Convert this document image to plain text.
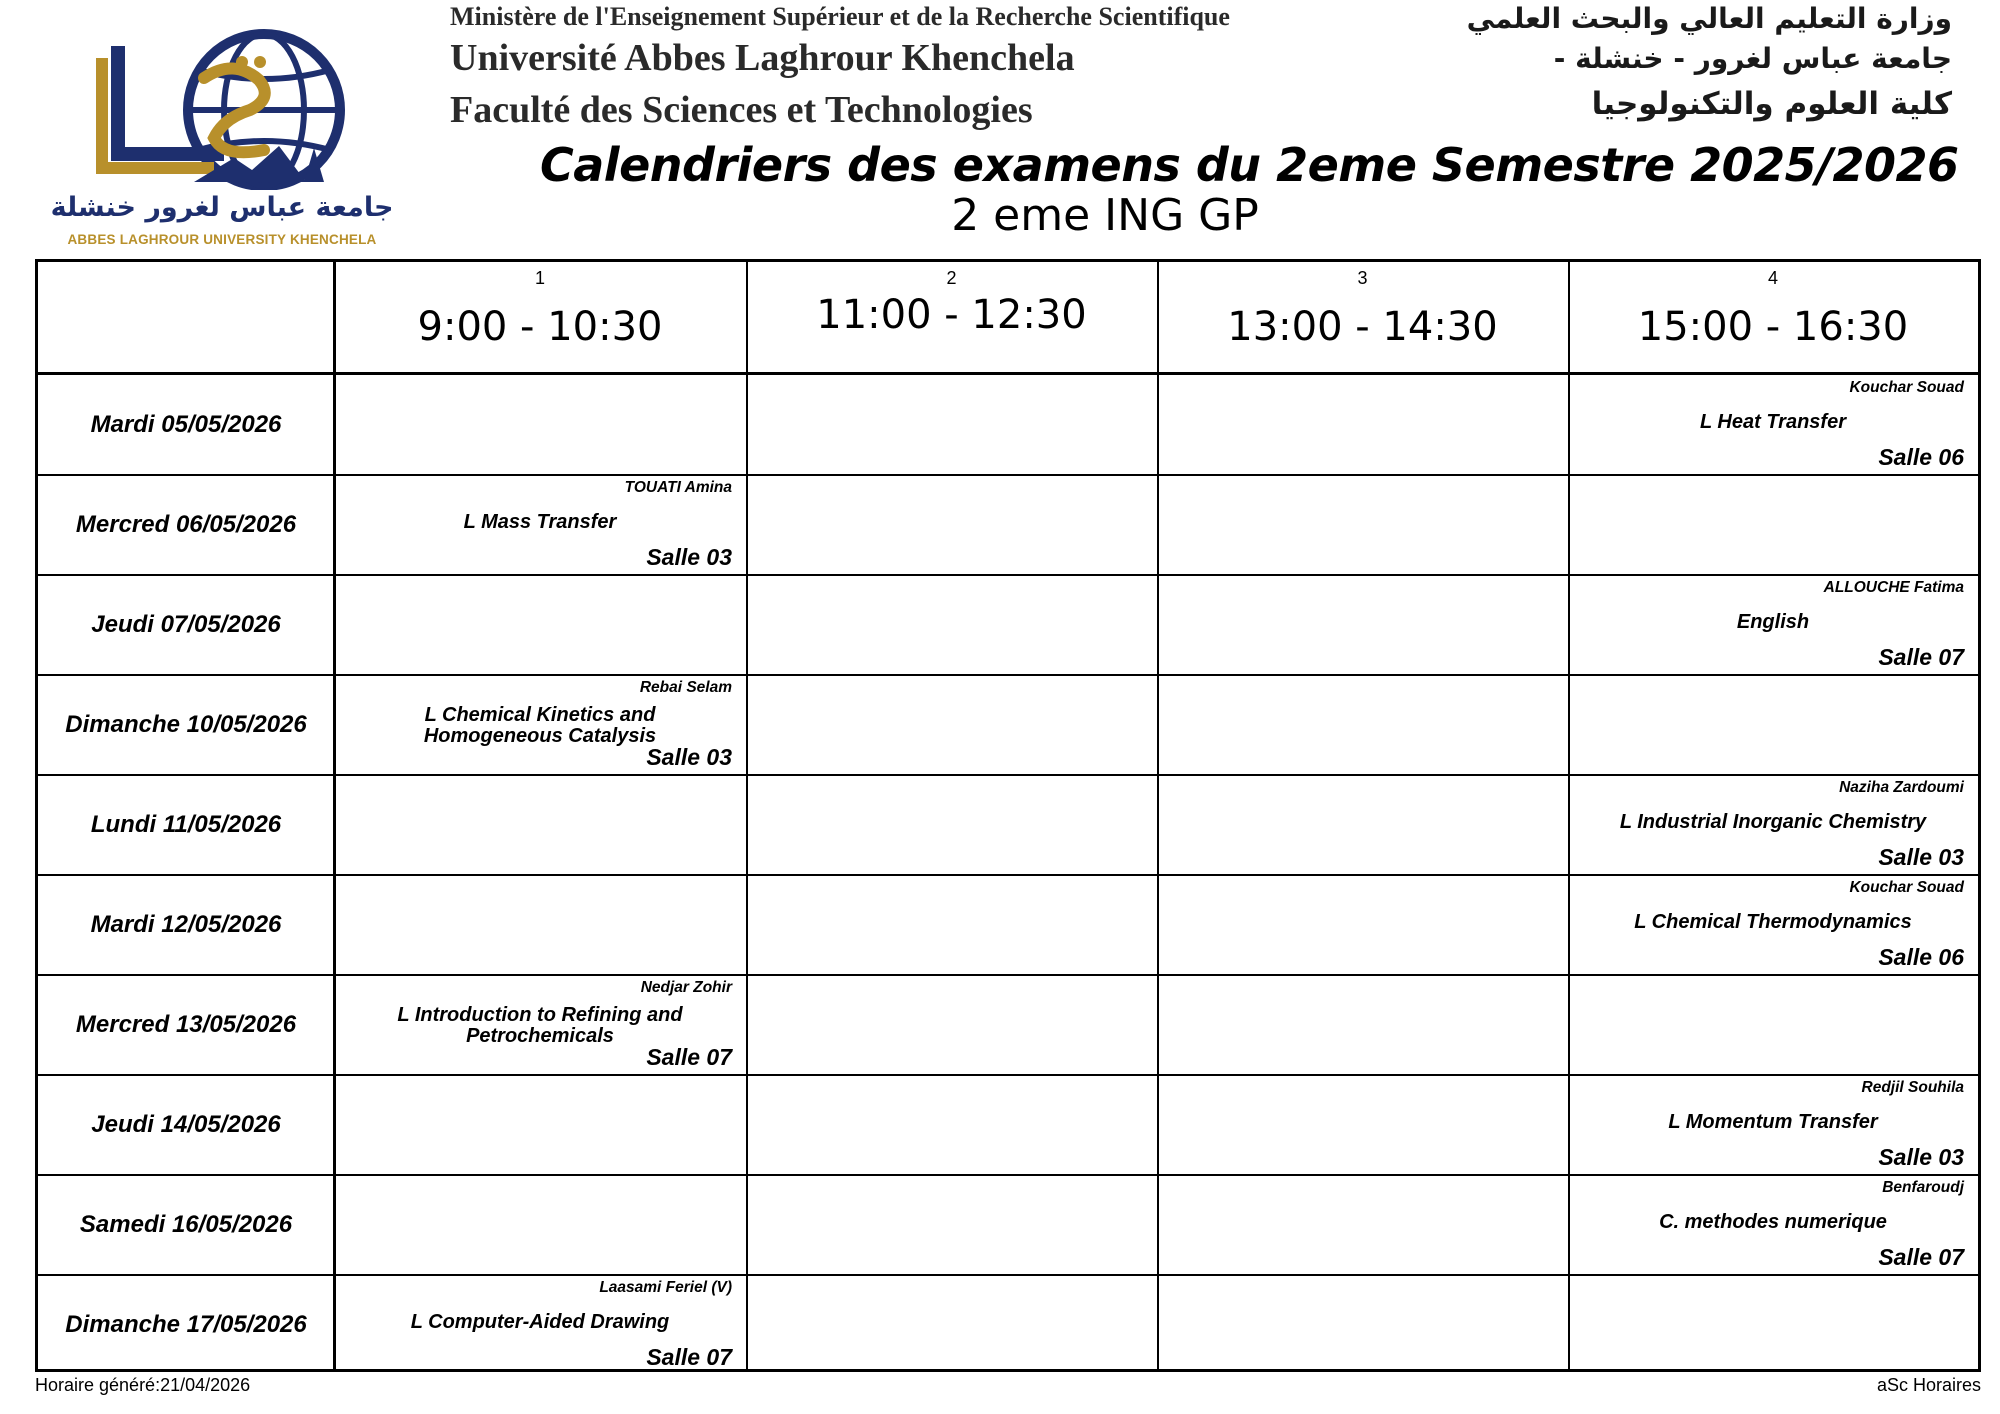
جامعة عباس لغرور خنشلة
ABBES LAGHROUR UNIVERSITY KHENCHELA
Ministère de l'Enseignement Supérieur et de la Recherche Scientifique
Université Abbes Laghrour Khenchela
Faculté des Sciences et Technologies
وزارة التعليم العالي والبحث العلمي
جامعة عباس لغرور - خنشلة -
كلية العلوم والتكنولوجيا
Calendriers des examens du 2eme Semestre 2025/2026
2 eme ING GP
1
9:00 - 10:30
2
11:00 - 12:30
3
13:00 - 14:30
4
15:00 - 16:30
Mardi 05/05/2026
Mercred 06/05/2026
Jeudi 07/05/2026
Dimanche 10/05/2026
Lundi 11/05/2026
Mardi 12/05/2026
Mercred 13/05/2026
Jeudi 14/05/2026
Samedi 16/05/2026
Dimanche 17/05/2026
Kouchar Souad
L Heat Transfer
Salle 06
TOUATI Amina
L Mass Transfer
Salle 03
ALLOUCHE Fatima
English
Salle 07
Rebai Selam
L Chemical Kinetics and
Homogeneous Catalysis
Salle 03
Naziha Zardoumi
L Industrial Inorganic Chemistry
Salle 03
Kouchar Souad
L Chemical Thermodynamics
Salle 06
Nedjar Zohir
L Introduction to Refining and
Petrochemicals
Salle 07
Redjil Souhila
L Momentum Transfer
Salle 03
Benfaroudj
C. methodes numerique
Salle 07
Laasami Feriel (V)
L Computer-Aided Drawing
Salle 07
Horaire généré:21/04/2026	aSc Horaires
